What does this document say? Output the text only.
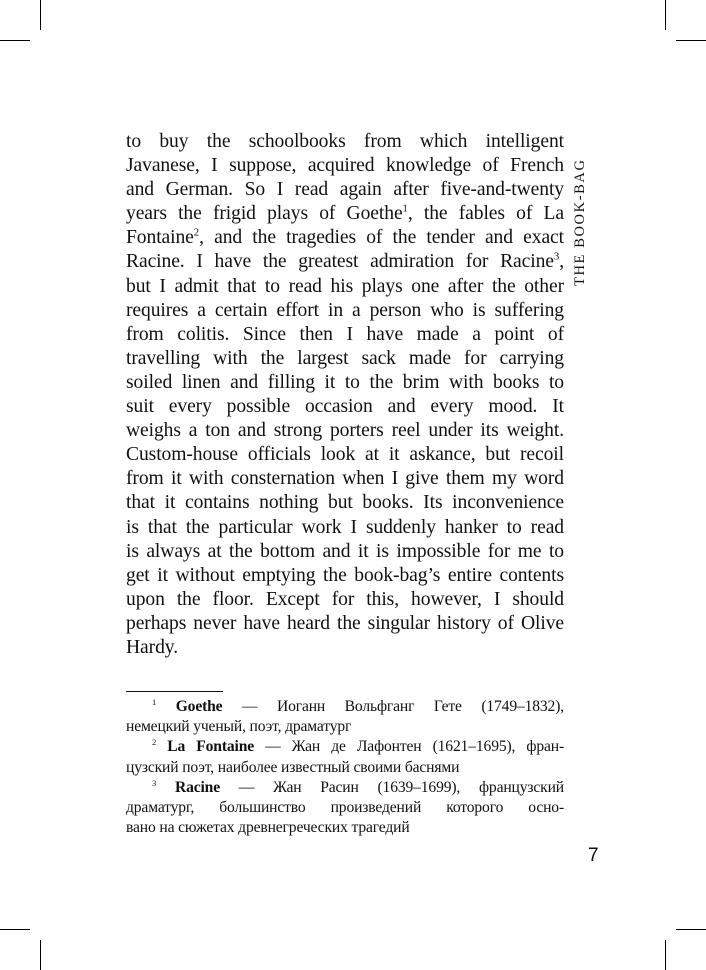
THE BOOK-BAG
to buy the schoolbooks from which intelligent
Javanese, I suppose, acquired knowledge of French
and German. So I read again after five-and-twenty
years the frigid plays of Goethe$^1$, the fables of La
Fontaine$^2$, and the tragedies of the tender and exact
Racine. I have the greatest admiration for Racine$^3$,
but I admit that to read his plays one after the other
requires a certain effort in a person who is suffering
from colitis. Since then I have made a point of
travelling with the largest sack made for carrying
soiled linen and filling it to the brim with books to
suit every possible occasion and every mood. It
weighs a ton and strong porters reel under its weight.
Custom-house officials look at it askance, but recoil
from it with consternation when I give them my word
that it contains nothing but books. Its inconvenience
is that the particular work I suddenly hanker to read
is always at the bottom and it is impossible for me to
get it without emptying the book-bag’s entire contents
upon the floor. Except for this, however, I should
perhaps never have heard the singular history of Olive
Hardy.
$^1$ Goethe — Иоганн Вольфганг Гете (1749–1832),
немецкий ученый, поэт, драматург
$^2$ La Fontaine — Жан де Лафонтен (1621–1695), фран-
цузский поэт, наиболее известный своими баснями
$^3$ Racine — Жан Расин (1639–1699), французский
драматург, большинство произведений которого осно-
вано на сюжетах древнегреческих трагедий
7
